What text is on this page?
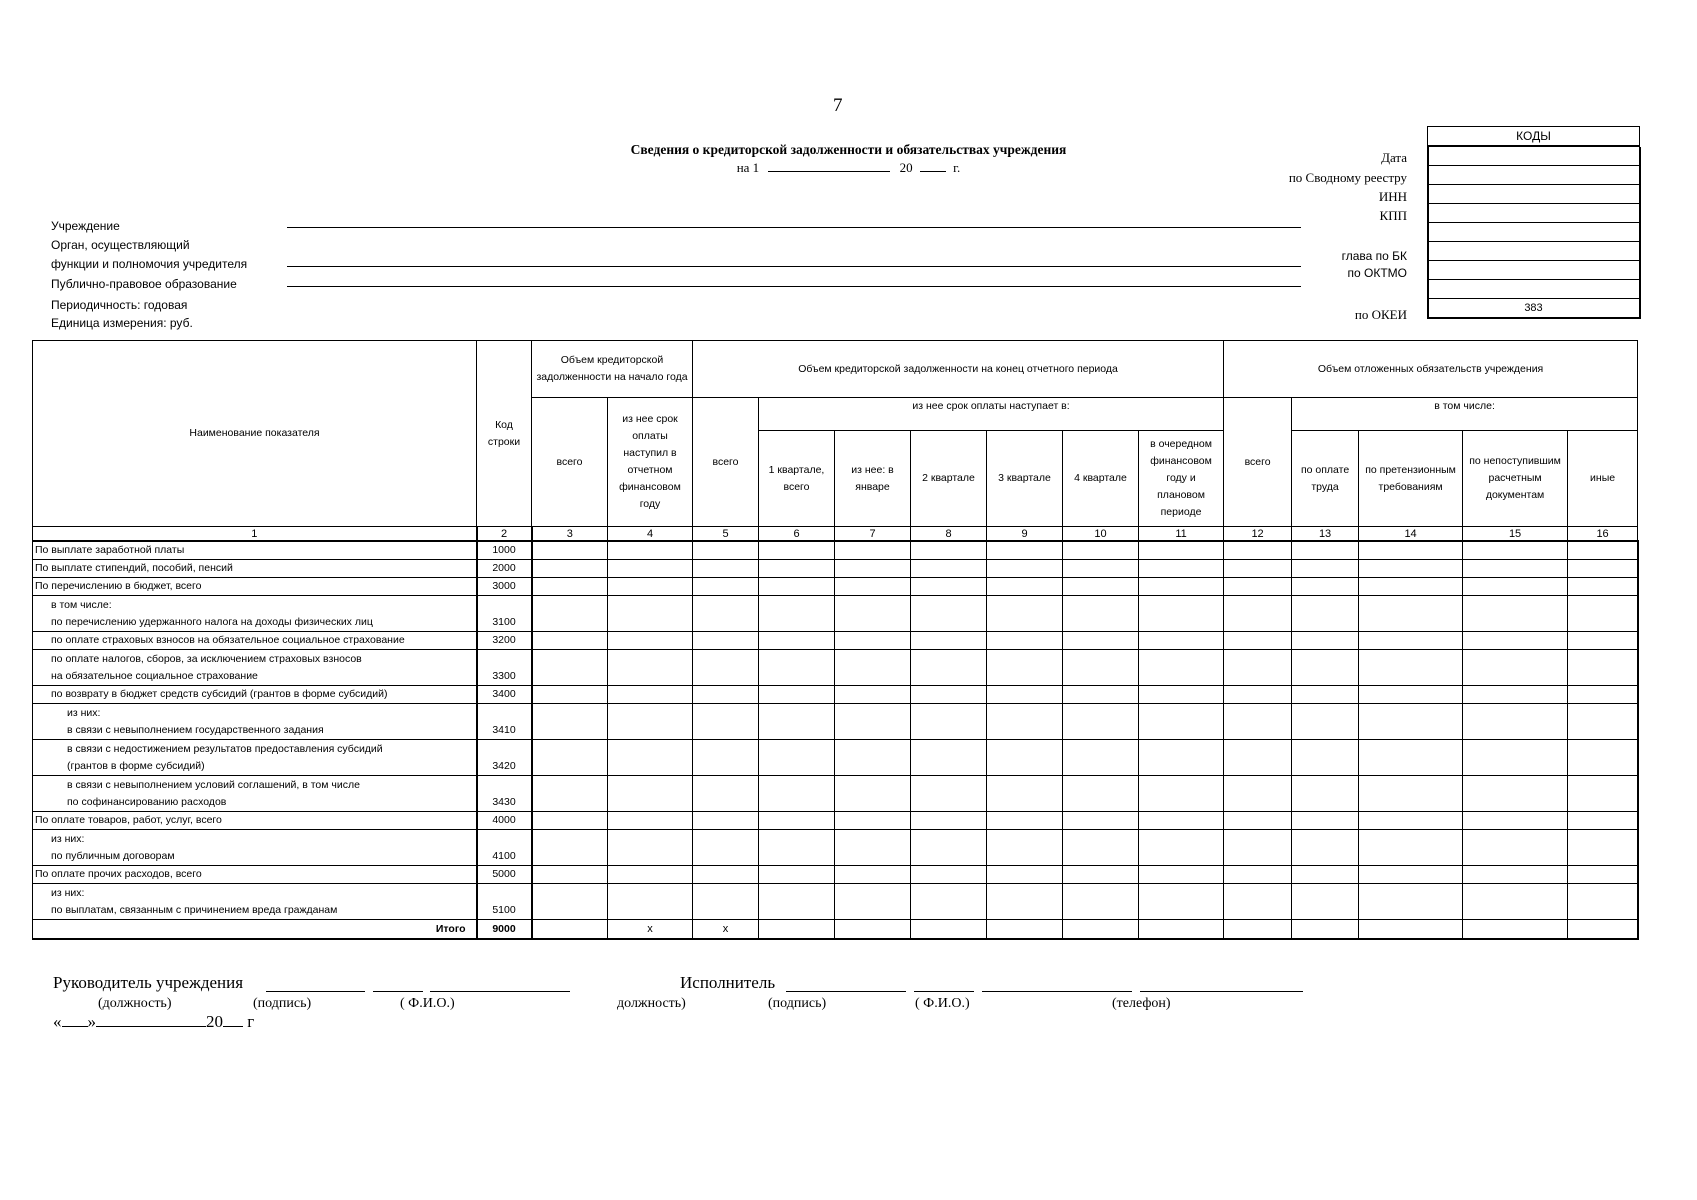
7
Сведения о кредиторской задолженности и обязательствах учреждения
на 1	20	г.
Учреждение
Орган, осуществляющий
функции и полномочия учредителя
Публично-правовое образование
Периодичность: годовая
Единица измерения: руб.
Дата
по Сводному реестру
ИНН
КПП
глава по БК
по ОКТМО
по ОКЕИ
КОДЫ
383
Наименование показателя	Код строки	Объем кредиторской задолженности на начало года		Объем кредиторской задолженности на конец отчетного периода							Объем отложенных обязательств учреждения				
		всего	из нее срок оплаты наступил в отчетном финансовом году	всего	из нее срок оплаты наступает в:						всего	в том числе:			
					1 квартале, всего	из нее: в январе	2 квартале	3 квартале	4 квартале	в очередном финансовом году и плановом периоде		по оплате труда	по претензионным требованиям	по непоступившим расчетным документам	иные
1	2	3	4	5	6	7	8	9	10	11	12	13	14	15	16

По выплате заработной платы	1000														

По выплате стипендий, пособий, пенсий	2000														

По перечислению в бюджет, всего	3000														

в том числе:
по перечислению удержанного налога на доходы физических лиц	3100														

по оплате страховых взносов на обязательное социальное страхование	3200														

по оплате налогов, сборов, за исключением страховых взносов
на обязательное социальное страхование	3300														

по возврату в бюджет средств субсидий (грантов в форме субсидий)	3400														

из них:
в связи с невыполнением государственного задания	3410														

в связи с недостижением результатов предоставления субсидий
(грантов в форме субсидий)	3420														

в связи с невыполнением условий соглашений, в том числе
по софинансированию расходов	3430														

По оплате товаров, работ, услуг, всего	4000														

из них:
по публичным договорам	4100														

По оплате прочих расходов, всего	5000														

из них:
по выплатам, связанным с причинением вреда гражданам	5100														
Итого	9000		x	x											
Руководитель учреждения
(должность)	(подпись)	( Ф.И.О.)
Исполнитель
должность)	(подпись)	( Ф.И.О.)	(телефон)
« »	20 г
